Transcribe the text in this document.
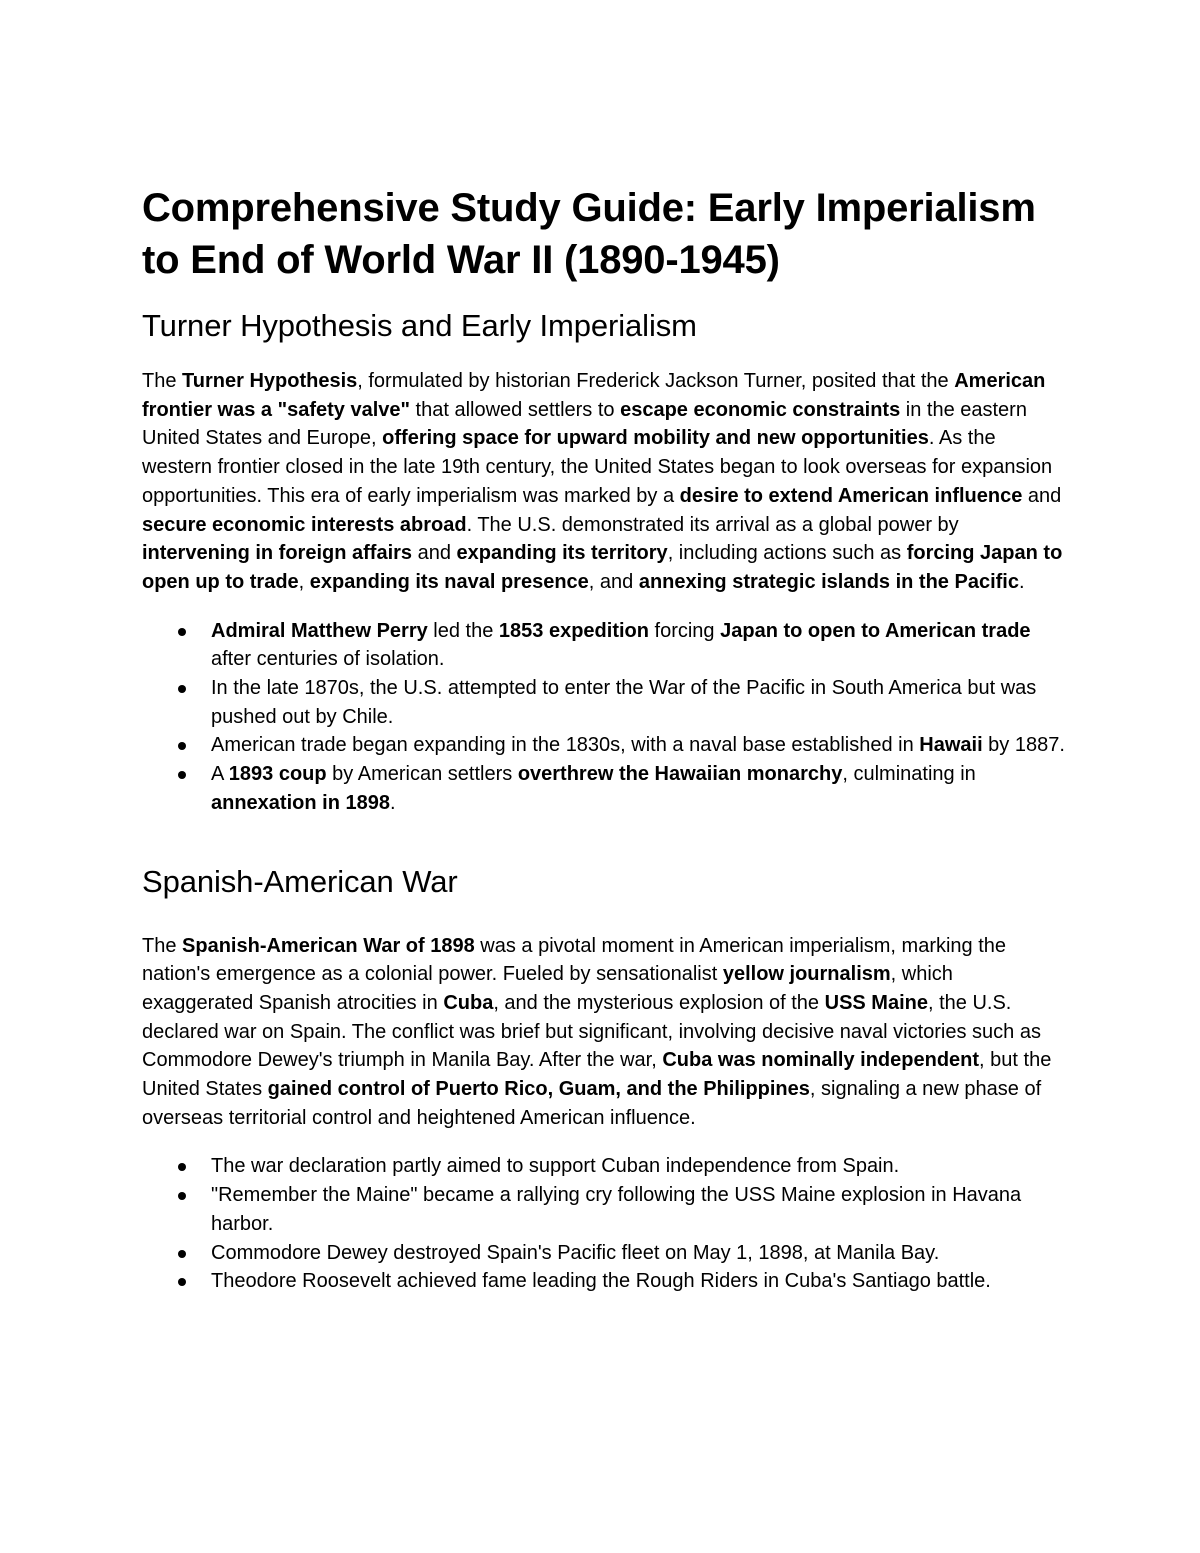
Comprehensive Study Guide: Early Imperialism
to End of World War II (1890-1945)
Turner Hypothesis and Early Imperialism

The Turner Hypothesis, formulated by historian Frederick Jackson Turner, posited that the American frontier was a "safety valve" that allowed settlers to escape economic constraints in the eastern United States and Europe, offering space for upward mobility and new opportunities. As the western frontier closed in the late 19th century, the United States began to look overseas for expansion opportunities. This era of early imperialism was marked by a desire to extend American influence and secure economic interests abroad. The U.S. demonstrated its arrival as a global power by intervening in foreign affairs and expanding its territory, including actions such as forcing Japan to open up to trade, expanding its naval presence, and annexing strategic islands in the Pacific.

Admiral Matthew Perry led the 1853 expedition forcing Japan to open to American trade after centuries of isolation.
In the late 1870s, the U.S. attempted to enter the War of the Pacific in South America but was pushed out by Chile.
American trade began expanding in the 1830s, with a naval base established in Hawaii by 1887.
A 1893 coup by American settlers overthrew the Hawaiian monarchy, culminating in annexation in 1898.
Spanish-American War

The Spanish-American War of 1898 was a pivotal moment in American imperialism, marking the nation's emergence as a colonial power. Fueled by sensationalist yellow journalism, which exaggerated Spanish atrocities in Cuba, and the mysterious explosion of the USS Maine, the U.S. declared war on Spain. The conflict was brief but significant, involving decisive naval victories such as Commodore Dewey's triumph in Manila Bay. After the war, Cuba was nominally independent, but the United States gained control of Puerto Rico, Guam, and the Philippines, signaling a new phase of overseas territorial control and heightened American influence.

The war declaration partly aimed to support Cuban independence from Spain.
"Remember the Maine" became a rallying cry following the USS Maine explosion in Havana harbor.
Commodore Dewey destroyed Spain's Pacific fleet on May 1, 1898, at Manila Bay.
Theodore Roosevelt achieved fame leading the Rough Riders in Cuba's Santiago battle.
